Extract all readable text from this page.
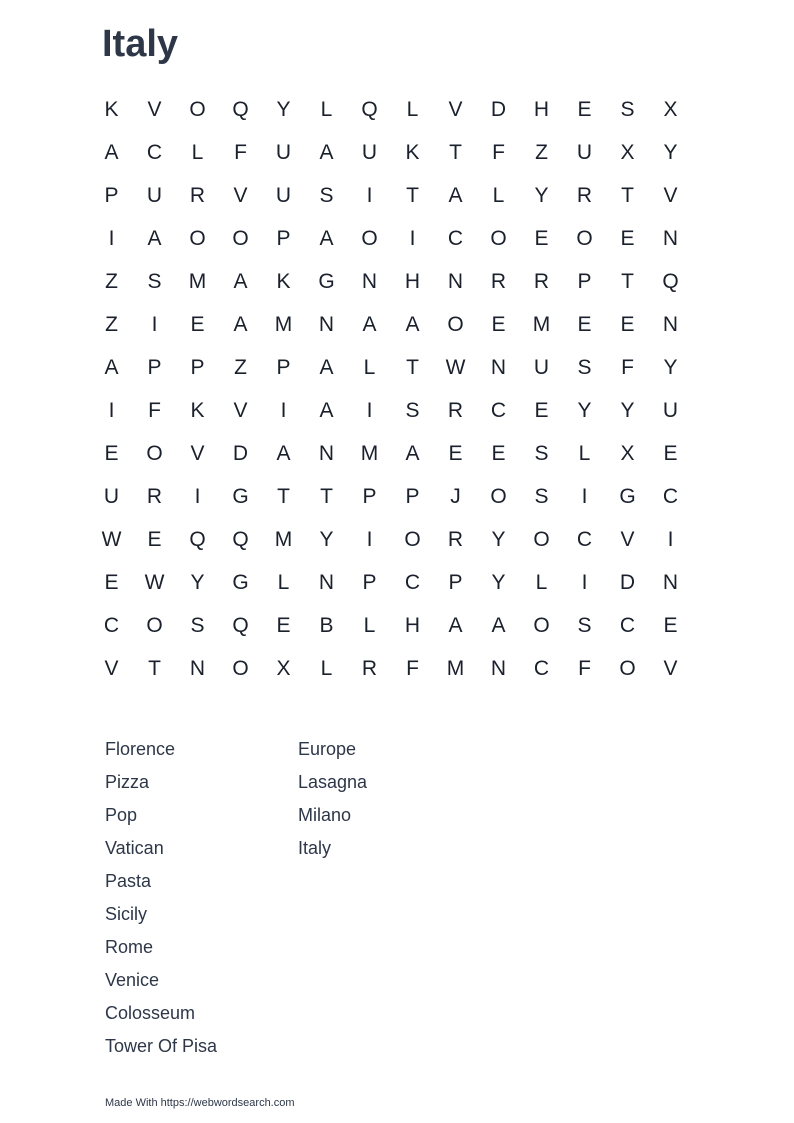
Italy
K	V	O	Q	Y	L	Q	L	V	D	H	E	S	X
A	C	L	F	U	A	U	K	T	F	Z	U	X	Y
P	U	R	V	U	S	I	T	A	L	Y	R	T	V
I	A	O	O	P	A	O	I	C	O	E	O	E	N
Z	S	M	A	K	G	N	H	N	R	R	P	T	Q
Z	I	E	A	M	N	A	A	O	E	M	E	E	N
A	P	P	Z	P	A	L	T	W	N	U	S	F	Y
I	F	K	V	I	A	I	S	R	C	E	Y	Y	U
E	O	V	D	A	N	M	A	E	E	S	L	X	E
U	R	I	G	T	T	P	P	J	O	S	I	G	C
W	E	Q	Q	M	Y	I	O	R	Y	O	C	V	I
E	W	Y	G	L	N	P	C	P	Y	L	I	D	N
C	O	S	Q	E	B	L	H	A	A	O	S	C	E
V	T	N	O	X	L	R	F	M	N	C	F	O	V
Florence
Pizza
Pop
Vatican
Pasta
Sicily
Rome
Venice
Colosseum
Tower Of Pisa
Europe
Lasagna
Milano
Italy
Made With https://webwordsearch.com
